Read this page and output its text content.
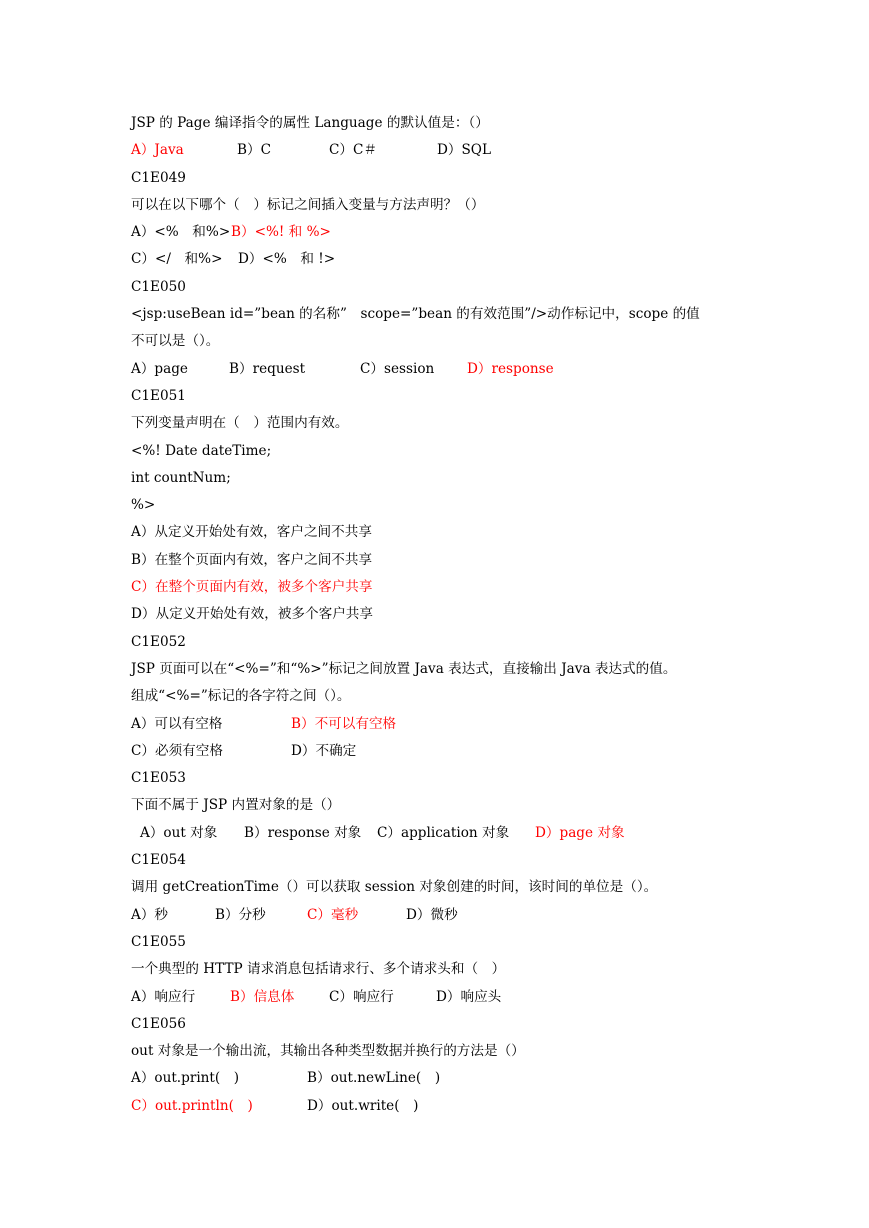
JSP 的 Page 编译指令的属性 Language 的默认值是：（）
A）Java	B）C	C）C＃	D）SQL
C1E049
可以在以下哪个（　）标记之间插入变量与方法声明？（）
A）<%　和%>B）<%! 和 %>
C）</　和%> D）<%　和 !>
C1E050
<jsp:useBean id=”bean 的名称”　scope=”bean 的有效范围”/>动作标记中，scope 的值
不可以是（）。
A）page	B）request	C）session D）response
C1E051
下列变量声明在（　）范围内有效。
<%! Date dateTime;
int countNum;
%>
A）从定义开始处有效，客户之间不共享
B）在整个页面内有效，客户之间不共享
C）在整个页面内有效，被多个客户共享
D）从定义开始处有效，被多个客户共享
C1E052
JSP 页面可以在“<%=”和“%>”标记之间放置 Java 表达式，直接输出 Java 表达式的值。
组成“<%=”标记的各字符之间（）。
A）可以有空格	B）不可以有空格
C）必须有空格	D）不确定
C1E053
下面不属于 JSP 内置对象的是（）
A）out 对象 B）response 对象 C）application 对象 D）page 对象
C1E054
调用 getCreationTime（）可以获取 session 对象创建的时间，该时间的单位是（）。
A）秒	B）分秒	C）毫秒	D）微秒
C1E055
一个典型的 HTTP 请求消息包括请求行、多个请求头和（　）
A）响应行	B）信息体	C）响应行	D）响应头
C1E056
out 对象是一个输出流，其输出各种类型数据并换行的方法是（）
A）out.print(　)	B）out.newLine(　)
C）out.println(　)	D）out.write(　)
